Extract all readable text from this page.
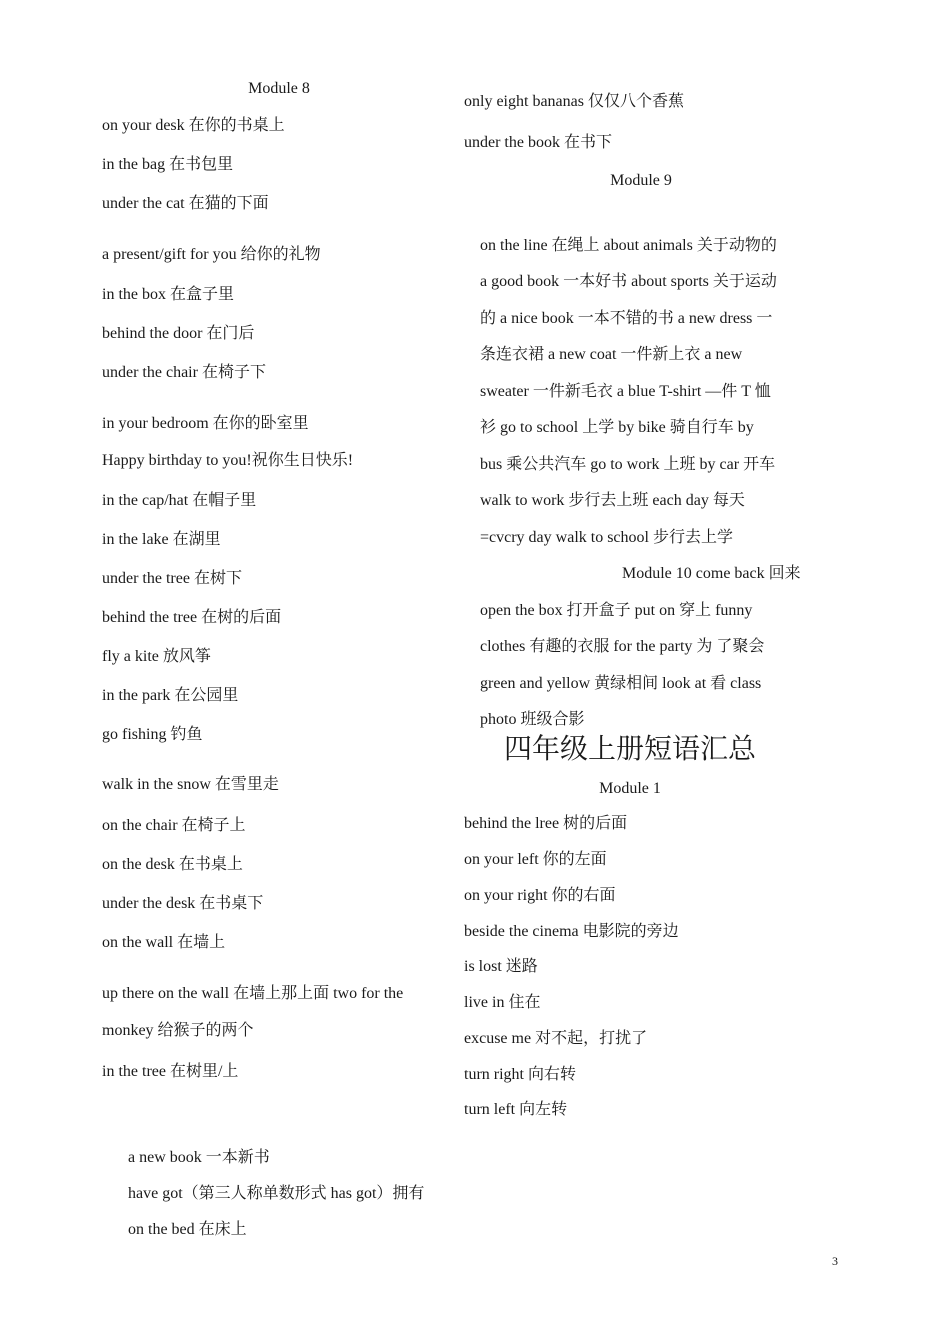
Module 8
on your desk 在你的书桌上
in the bag 在书包里
under the cat 在猫的下面
a present/gift for you 给你的礼物
in the box 在盒子里
behind the door 在门后
under the chair 在椅子下
in your bedroom 在你的卧室里
Happy birthday to you!祝你生日快乐!
in the cap/hat 在帽子里
in the lake 在湖里
under the tree 在树下
behind the tree 在树的后面
fly a kite 放风筝
in the park 在公园里
go fishing 钓鱼
walk in the snow 在雪里走
on the chair 在椅子上
on the desk 在书桌上
under the desk 在书桌下
on the wall 在墙上
up there on the wall 在墙上那上面 two for the
monkey 给猴子的两个
in the tree 在树里/上
a new book 一本新书
have got（第三人称单数形式 has got）拥有
on the bed 在床上
only eight bananas 仅仅八个香蕉
under the book 在书下
Module 9
on the line 在绳上 about animals 关于动物的
a good book 一本好书 about sports 关于运动
的 a nice book 一本不错的书 a new dress 一
条连衣裙 a new coat 一件新上衣 a new
sweater 一件新毛衣 a blue T-shirt —件 T 恤
衫 go to school 上学 by bike 骑自行车 by
bus 乘公共汽车 go to work 上班 by car 开车
walk to work 步行去上班 each day 每天
=cvcry day walk to school 步行去上学
Module 10 come back 回来
open the box 打开盒子 put on 穿上 funny
clothes 有趣的衣服 for the party 为 了聚会
green and yellow 黄绿相间 look at 看 class
photo 班级合影
四年级上册短语汇总
Module 1
behind the lree 树的后面
on your left 你的左面
on your right 你的右面
beside the cinema 电影院的旁边
is lost 迷路
live in 住在
excuse me 对不起，打扰了
turn right 向右转
turn left 向左转
3
